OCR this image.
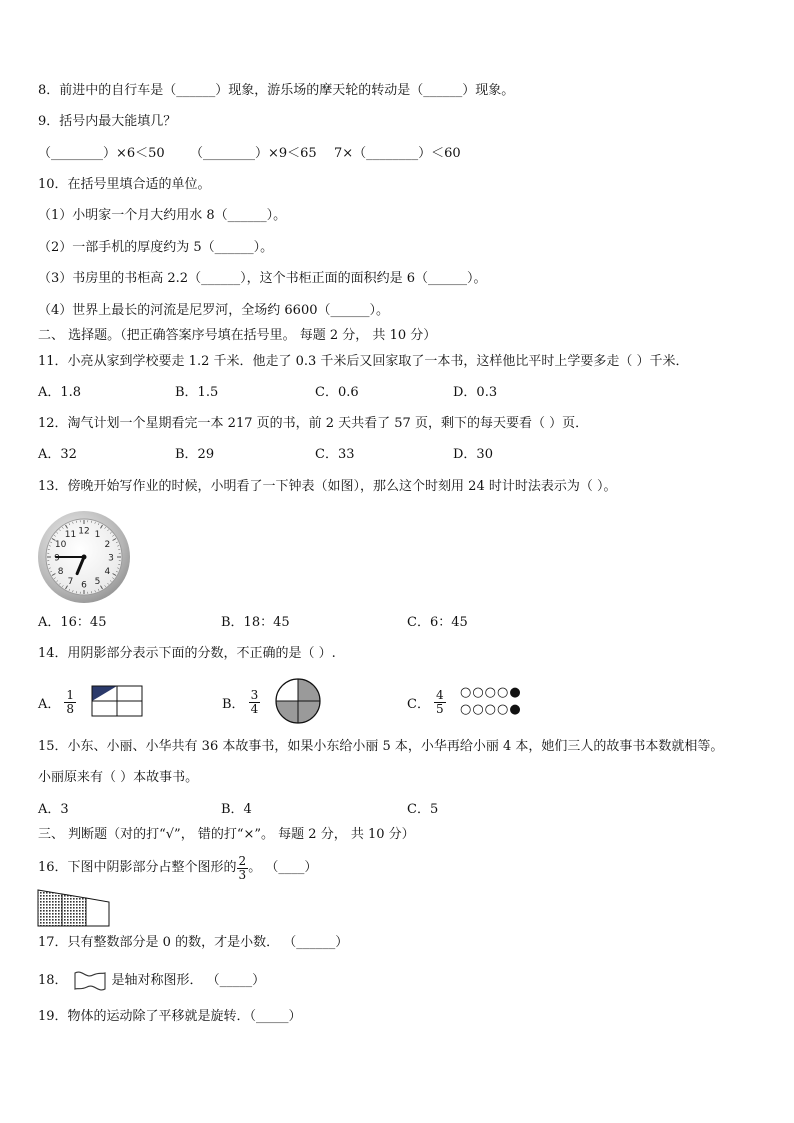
8．前进中的自行车是（______）现象，游乐场的摩天轮的转动是（______）现象。
9．括号内最大能填几？
（________）×6＜50 （________）×9＜65 7×（________）＜60
10．在括号里填合适的单位。
（1）小明家一个月大约用水 8（______）。
（2）一部手机的厚度约为 5（______）。
（3）书房里的书柜高 2.2（______），这个书柜正面的面积约是 6（______）。
（4）世界上最长的河流是尼罗河，全场约 6600（______）。
二、 选择题。（把正确答案序号填在括号里。 每题 2 分， 共 10 分）
11．小亮从家到学校要走 1.2 千米．他走了 0.3 千米后又回家取了一本书，这样他比平时上学要多走（ ）千米．
A．1.8	B．1.5	C．0.6	D．0.3
12．淘气计划一个星期看完一本 217 页的书，前 2 天共看了 57 页，剩下的每天要看（ ）页．
A．32	B．29	C．33	D．30
13．傍晚开始写作业的时候，小明看了一下钟表（如图），那么这个时刻用 24 时计时法表示为（ ）。
12 1
2
3
4
5
6
7
8
9
10
11
A．16：45	B．18：45	C．6：45
14．用阴影部分表示下面的分数，不正确的是（ ）.
A． $\frac{1}{8}$	B． $\frac{3}{4}$	C． $\frac{4}{5}$ ○○○○●
○○○○●
15．小东、小丽、小华共有 36 本故事书，如果小东给小丽 5 本，小华再给小丽 4 本，她们三人的故事书本数就相等。
小丽原来有（ ）本故事书。
A．3	B．4	C．5
三、 判断题（对的打“√”， 错的打“×”。 每题 2 分， 共 10 分）
16．下图中阴影部分占整个图形的 $\frac{2}{3}$ 。 （____）
17．只有整数部分是 0 的数，才是小数． （______）
18．	是轴对称图形． （_____）
19．物体的运动除了平移就是旋转．（_____）
